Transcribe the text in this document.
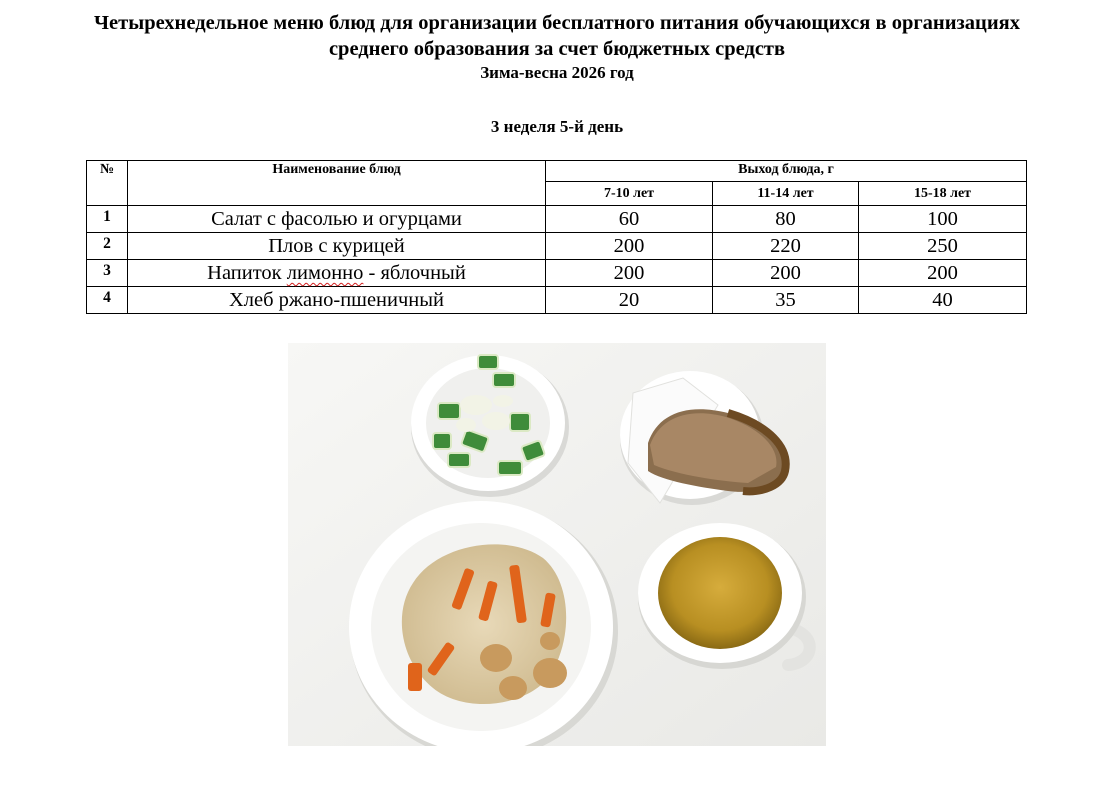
Четырехнедельное меню блюд для организации бесплатного питания обучающихся в организациях

среднего образования за счет бюджетных средств

Зима-весна 2026 год

3 неделя 5-й день
№	Наименование блюд	Выход блюда, г		
		7-10 лет	11-14 лет	15-18 лет
1	Салат с фасолью и огурцами	60	80	100
2	Плов с курицей	200	220	250
3	Напиток лимонно - яблочный	200	200	200
4	Хлеб ржано-пшеничный	20	35	40
